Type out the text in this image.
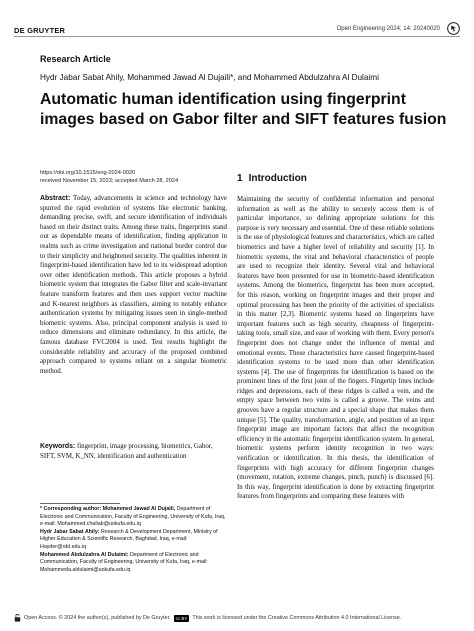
DE GRUYTER	Open Engineering 2024; 14: 20240020
Research Article
Hydr Jabar Sabat Ahily, Mohammed Jawad Al Dujaili*, and Mohammed Abdulzahra Al Dulaimi
Automatic human identification using fingerprint images based on Gabor filter and SIFT features fusion
https://doi.org/10.1515/eng-2024-0020
received November 15, 2023; accepted March 28, 2024
Abstract: Today, advancements in science and technology have spurred the rapid evolution of systems like electronic banking, demanding precise, swift, and secure identification of individuals based on their distinct traits. Among these traits, fingerprints stand out as dependable means of identification, finding application in realms such as crime investigation and national border control due to their simplicity and heightened security. The qualities inherent in fingerprint-based identification have led to its widespread adoption over other identification methods. This article proposes a hybrid biometric system that integrates the Gabor filter and scale-invariant feature transform features and then uses support vector machine and K-nearest neighbors as classifiers, aiming to notably enhance authentication systems by mitigating issues seen in single-method biometric systems. Also, principal component analysis is used to reduce dimensions and eliminate redundancy. In this article, the famous database FVC2004 is used. Test results highlight the considerable reliability and accuracy of the proposed combined approach compared to systems reliant on a singular biometric method.
Keywords: fingerprint, image processing, biometrics, Gabor, SIFT, SVM, K_NN, identification and authentication

* Corresponding author: Mohammed Jawad Al Dujaili, Department of Electronic and Communication, Faculty of Engineering, University of Kufa, Iraq, e-mail: Mohammed.challab@uokufa.edu.iq

Hydr Jabar Sabat Ahily: Research & Development Department, Ministry of Higher Education & Scientific Research, Baghdad, Iraq, e-mail: Hayder@rdd.edu.iq

Mohammed Abdulzahra Al Dulaimi: Department of Electronic and Communication, Faculty of Engineering, University of Kufa, Iraq, e-mail: Mohammeda.aldulaimi@uokufa.edu.iq

1 Introduction
Maintaining the security of confidential information and personal information as well as the ability to securely access them is of particular importance, so defining appropriate solutions for this purpose is very necessary and essential. One of these reliable solutions is the use of physiological features and characteristics, which are called biometrics and have a higher level of reliability and security [1]. In biometric systems, the vital and behavioral characteristics of people are used to recognize their identity. Several vital and behavioral features have been presented for use in biometric-based identification systems. Among the biometrics, fingerprint has been more accepted, for this reason, working on fingerprint images and their proper and optimal processing has been the priority of the activities of specialists in this matter [2,3]. Biometric systems based on fingerprints have important features such as high security, cheapness of fingerprint-taking tools, small size, and ease of working with them. Every person's fingerprint does not change under the influence of mental and emotional events. These characteristics have caused fingerprint-based identification systems to be used more than other identification systems [4]. The use of fingerprints for identification is based on the prominent lines of the first joint of the fingers. Fingertip lines include ridges and depressions, each of these ridges is called a vein, and the empty space between two veins is called a groove. The veins and grooves have a regular structure and a special shape that makes them unique [5]. The quality, transformation, angle, and position of an input fingerprint image are important factors that affect the recognition efficiency in the automatic fingerprint identification system. In general, biometric systems perform identity recognition in two ways: verification or identification. In this thesis, the identification of fingerprints with high accuracy for different fingerprint changes (movement, rotation, extreme changes, pinch, punch) is discussed [6]. In this way, fingerprint identification is done by extracting fingerprint features from fingerprints and comparing these features with
Open Access. © 2024 the author(s), published by De Gruyter. cc BY This work is licensed under the Creative Commons Attribution 4.0 International License.
